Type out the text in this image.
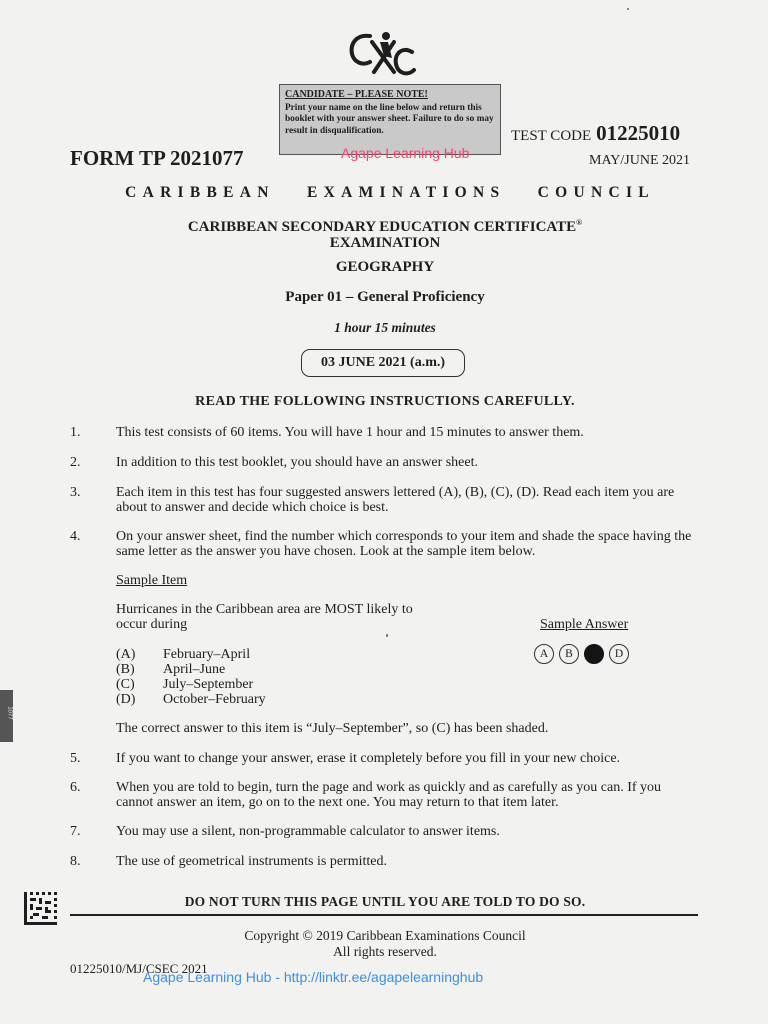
CANDIDATE – PLEASE NOTE!
Print your name on the line below and return this booklet with your answer sheet. Failure to do so may result in disqualification.
Agape Learning Hub
FORM TP 2021077
TEST CODE 01225010
MAY/JUNE 2021
CARIBBEAN EXAMINATIONS COUNCIL
CARIBBEAN SECONDARY EDUCATION CERTIFICATE®
EXAMINATION
GEOGRAPHY
Paper 01 – General Proficiency
1 hour 15 minutes
03 JUNE 2021 (a.m.)
READ THE FOLLOWING INSTRUCTIONS CAREFULLY.
1.	This test consists of 60 items. You will have 1 hour and 15 minutes to answer them.
2.	In addition to this test booklet, you should have an answer sheet.
3.	Each item in this test has four suggested answers lettered (A), (B), (C), (D). Read each item you are about to answer and decide which choice is best.
4.	On your answer sheet, find the number which corresponds to your item and shade the space having the same letter as the answer you have chosen. Look at the sample item below.
Sample Item
Hurricanes in the Caribbean area are MOST likely to occur during	Sample Answer
A	B	D
(A) February–April
(B) April–June
(C) July–September
(D) October–February
The correct answer to this item is “July–September”, so (C) has been shaded.
5.	If you want to change your answer, erase it completely before you fill in your new choice.
6.	When you are told to begin, turn the page and work as quickly and as carefully as you can. If you cannot answer an item, go on to the next one. You may return to that item later.
7.	You may use a silent, non-programmable calculator to answer items.
8.	The use of geometrical instruments is permitted.
DO NOT TURN THIS PAGE UNTIL YOU ARE TOLD TO DO SO.
Copyright © 2019 Caribbean Examinations Council
All rights reserved.
01225010/MJ/CSEC 2021
Agape Learning Hub - http://linktr.ee/agapelearninghub
1077
